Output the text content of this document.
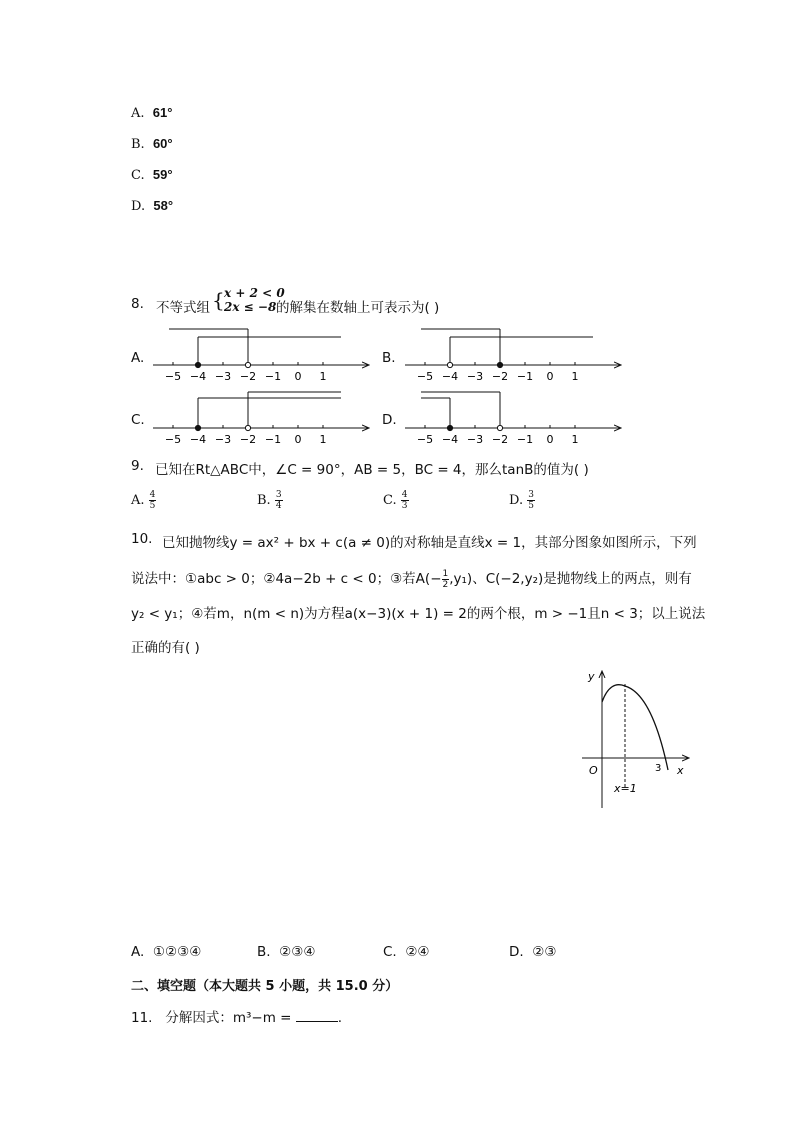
A. 61°
B. 60°
C. 59°
D. 58°
8. 不等式组 { x + 2 < 0
2x ≤ −8 的解集在数轴上可表示为( )
A.	B.
C.	D.
−5 −4 −3 −2 −1 0 1	−5 −4 −3 −2 −1 0 1
−5 −4 −3 −2 −1 0 1	−5 −4 −3 −2 −1 0 1
9. 已知在Rt△ABC中，∠C = 90°，AB = 5，BC = 4，那么tanB的值为( )
A. $\frac{4}{5}$	B. $\frac{3}{4}$	C. $\frac{4}{3}$	D. $\frac{3}{5}$
10. 已知抛物线y = ax² + bx + c(a ≠ 0)的对称轴是直线x = 1，其部分图象如图所示，下列
说法中：①abc > 0；②4a−2b + c < 0；③若$A(- \frac{1}{2} ,y_1)$、C(−2,y₂)是抛物线上的两点，则有
y₂ < y₁；④若m，n(m < n)为方程a(x−3)(x + 1) = 2的两个根，m > −1且n < 3；以上说法
正确的有( )
y
x
O	3
x=1
A. ①②③④	B. ②③④	C. ②④	D. ②③
二、填空题（本大题共 5 小题，共 15.0 分）
11. 分解因式：m³−m =	.
